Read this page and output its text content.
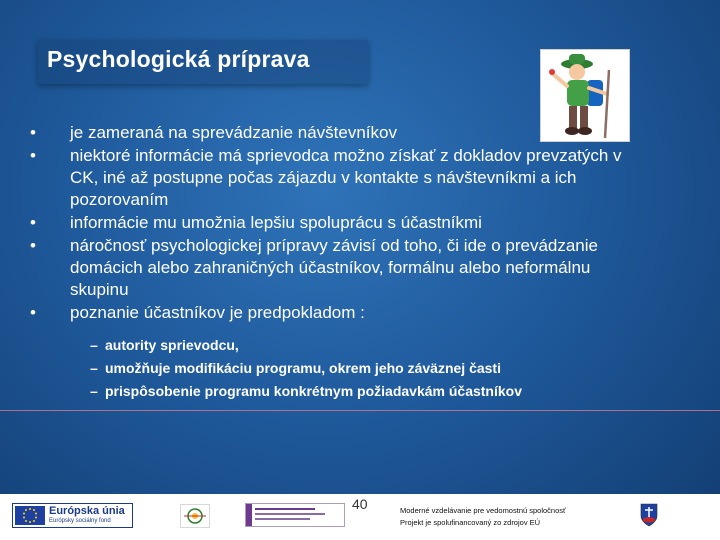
Psychologická príprava
• je zameraná na sprevádzanie návštevníkov
• niektoré informácie má sprievodca možno získať z dokladov prevzatých v CK, iné až postupne počas zájazdu v kontakte s návštevníkmi a ich pozorovaním
• informácie mu umožnia lepšiu spoluprácu s účastníkmi
• náročnosť psychologickej prípravy závisí od toho, či ide o prevádzanie domácich alebo zahraničných účastníkov, formálnu alebo neformálnu skupinu
• poznanie účastníkov je predpokladom :
– autority sprievodcu,
– umožňuje modifikáciu programu, okrem jeho záväznej časti
– prispôsobenie programu konkrétnym požiadavkám účastníkov
Európska únia
Európsky sociálny fond
40	Moderné vzdelávanie pre vedomostnú spoločnosť
Projekt je spolufinancovaný zo zdrojov EÚ
